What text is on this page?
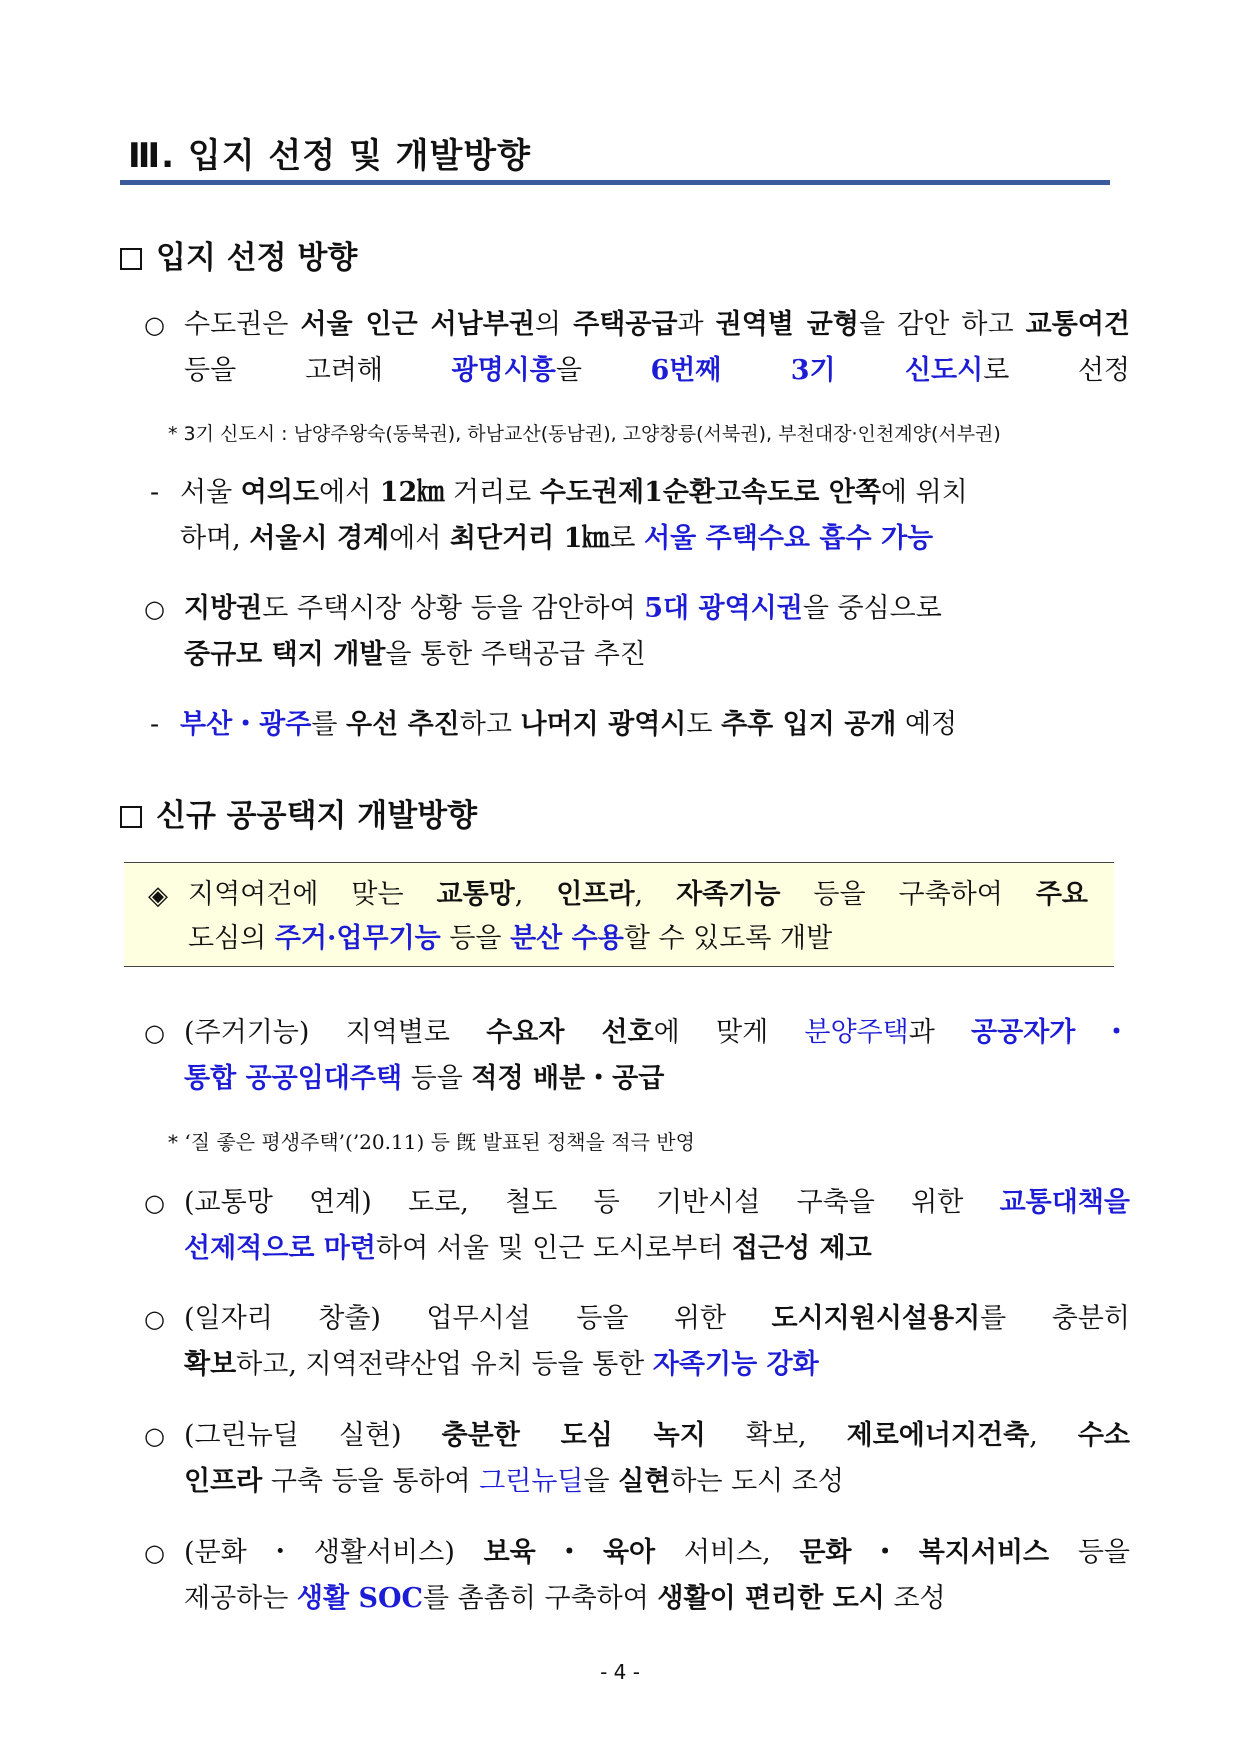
Ⅲ. 입지 선정 및 개발방향
입지 선정 방향
○ 수도권은 서울 인근 서남부권의 주택공급과 권역별 균형을 감안 하고 교통여건 등을 고려해 광명시흥을 6번째 3기 신도시로 선정
* 3기 신도시 : 남양주왕숙(동북권), 하남교산(동남권), 고양창릉(서북권), 부천대장·인천계양(서부권)
- 서울 여의도에서 12㎞ 거리로 수도권제1순환고속도로 안쪽에 위치
하며, 서울시 경계에서 최단거리 1㎞로 서울 주택수요 흡수 가능
○ 지방권도 주택시장 상황 등을 감안하여 5대 광역시권을 중심으로
중규모 택지 개발을 통한 주택공급 추진
- 부산・광주를 우선 추진하고 나머지 광역시도 추후 입지 공개 예정
신규 공공택지 개발방향
◈ 지역여건에 맞는 교통망, 인프라, 자족기능 등을 구축하여 주요
도심의 주거·업무기능 등을 분산 수용할 수 있도록 개발
○ (주거기능) 지역별로 수요자 선호에 맞게 분양주택과 공공자가・
통합 공공임대주택 등을 적정 배분・공급
* ‘질 좋은 평생주택’(’20.11) 등 旣 발표된 정책을 적극 반영
○ (교통망 연계) 도로, 철도 등 기반시설 구축을 위한 교통대책을
선제적으로 마련하여 서울 및 인근 도시로부터 접근성 제고
○ (일자리 창출) 업무시설 등을 위한 도시지원시설용지를 충분히
확보하고, 지역전략산업 유치 등을 통한 자족기능 강화
○ (그린뉴딜 실현) 충분한 도심 녹지 확보, 제로에너지건축, 수소
인프라 구축 등을 통하여 그린뉴딜을 실현하는 도시 조성
○ (문화・생활서비스) 보육・육아 서비스, 문화・복지서비스 등을
제공하는 생활 SOC를 촘촘히 구축하여 생활이 편리한 도시 조성
- 4 -
